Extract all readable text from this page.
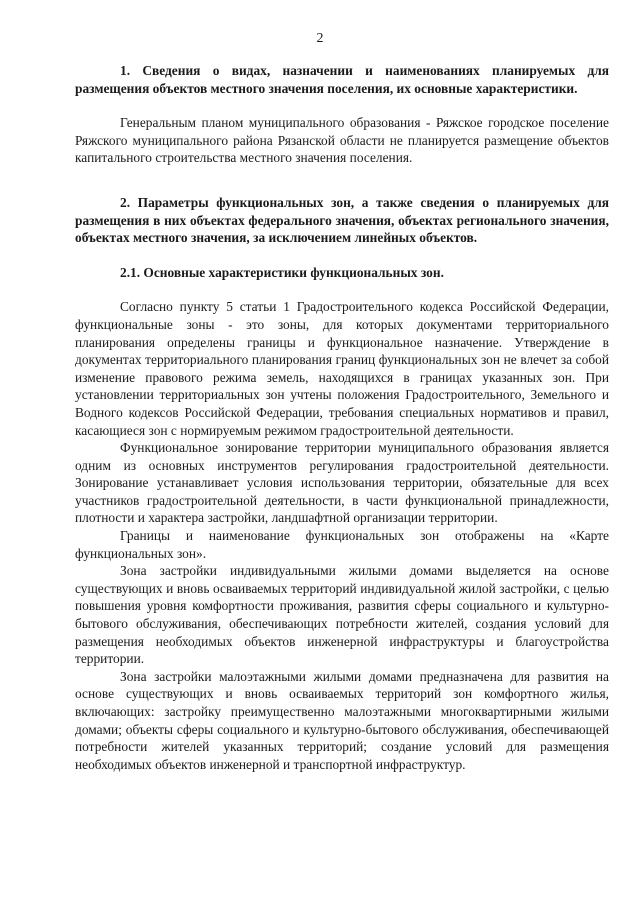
2

1. Сведения о видах, назначении и наименованиях планируемых для размещения объектов местного значения поселения, их основные характеристики.

Генеральным планом муниципального образования - Ряжское городское поселение Ряжского муниципального района Рязанской области не планируется размещение объектов капитального строительства местного значения поселения.

2. Параметры функциональных зон, а также сведения о планируемых для размещения в них объектах федерального значения, объектах регионального значения, объектах местного значения, за исключением линейных объектов.

2.1. Основные характеристики функциональных зон.

Согласно пункту 5 статьи 1 Градостроительного кодекса Российской Федерации, функциональные зоны - это зоны, для которых документами территориального планирования определены границы и функциональное назначение. Утверждение в документах территориального планирования границ функциональных зон не влечет за собой изменение правового режима земель, находящихся в границах указанных зон. При установлении территориальных зон учтены положения Градостроительного, Земельного и Водного кодексов Российской Федерации, требования специальных нормативов и правил, касающиеся зон с нормируемым режимом градостроительной деятельности.

Функциональное зонирование территории муниципального образования является одним из основных инструментов регулирования градостроительной деятельности. Зонирование устанавливает условия использования территории, обязательные для всех участников градостроительной деятельности, в части функциональной принадлежности, плотности и характера застройки, ландшафтной организации территории.

Границы и наименование функциональных зон отображены на «Карте функциональных зон».

Зона застройки индивидуальными жилыми домами выделяется на основе существующих и вновь осваиваемых территорий индивидуальной жилой застройки, с целью повышения уровня комфортности проживания, развития сферы социального и культурно-бытового обслуживания, обеспечивающих потребности жителей, создания условий для размещения необходимых объектов инженерной инфраструктуры и благоустройства территории.

Зона застройки малоэтажными жилыми домами предназначена для развития на основе существующих и вновь осваиваемых территорий зон комфортного жилья, включающих: застройку преимущественно малоэтажными многоквартирными жилыми домами; объекты сферы социального и культурно-бытового обслуживания, обеспечивающей потребности жителей указанных территорий; создание условий для размещения необходимых объектов инженерной и транспортной инфраструктур.
